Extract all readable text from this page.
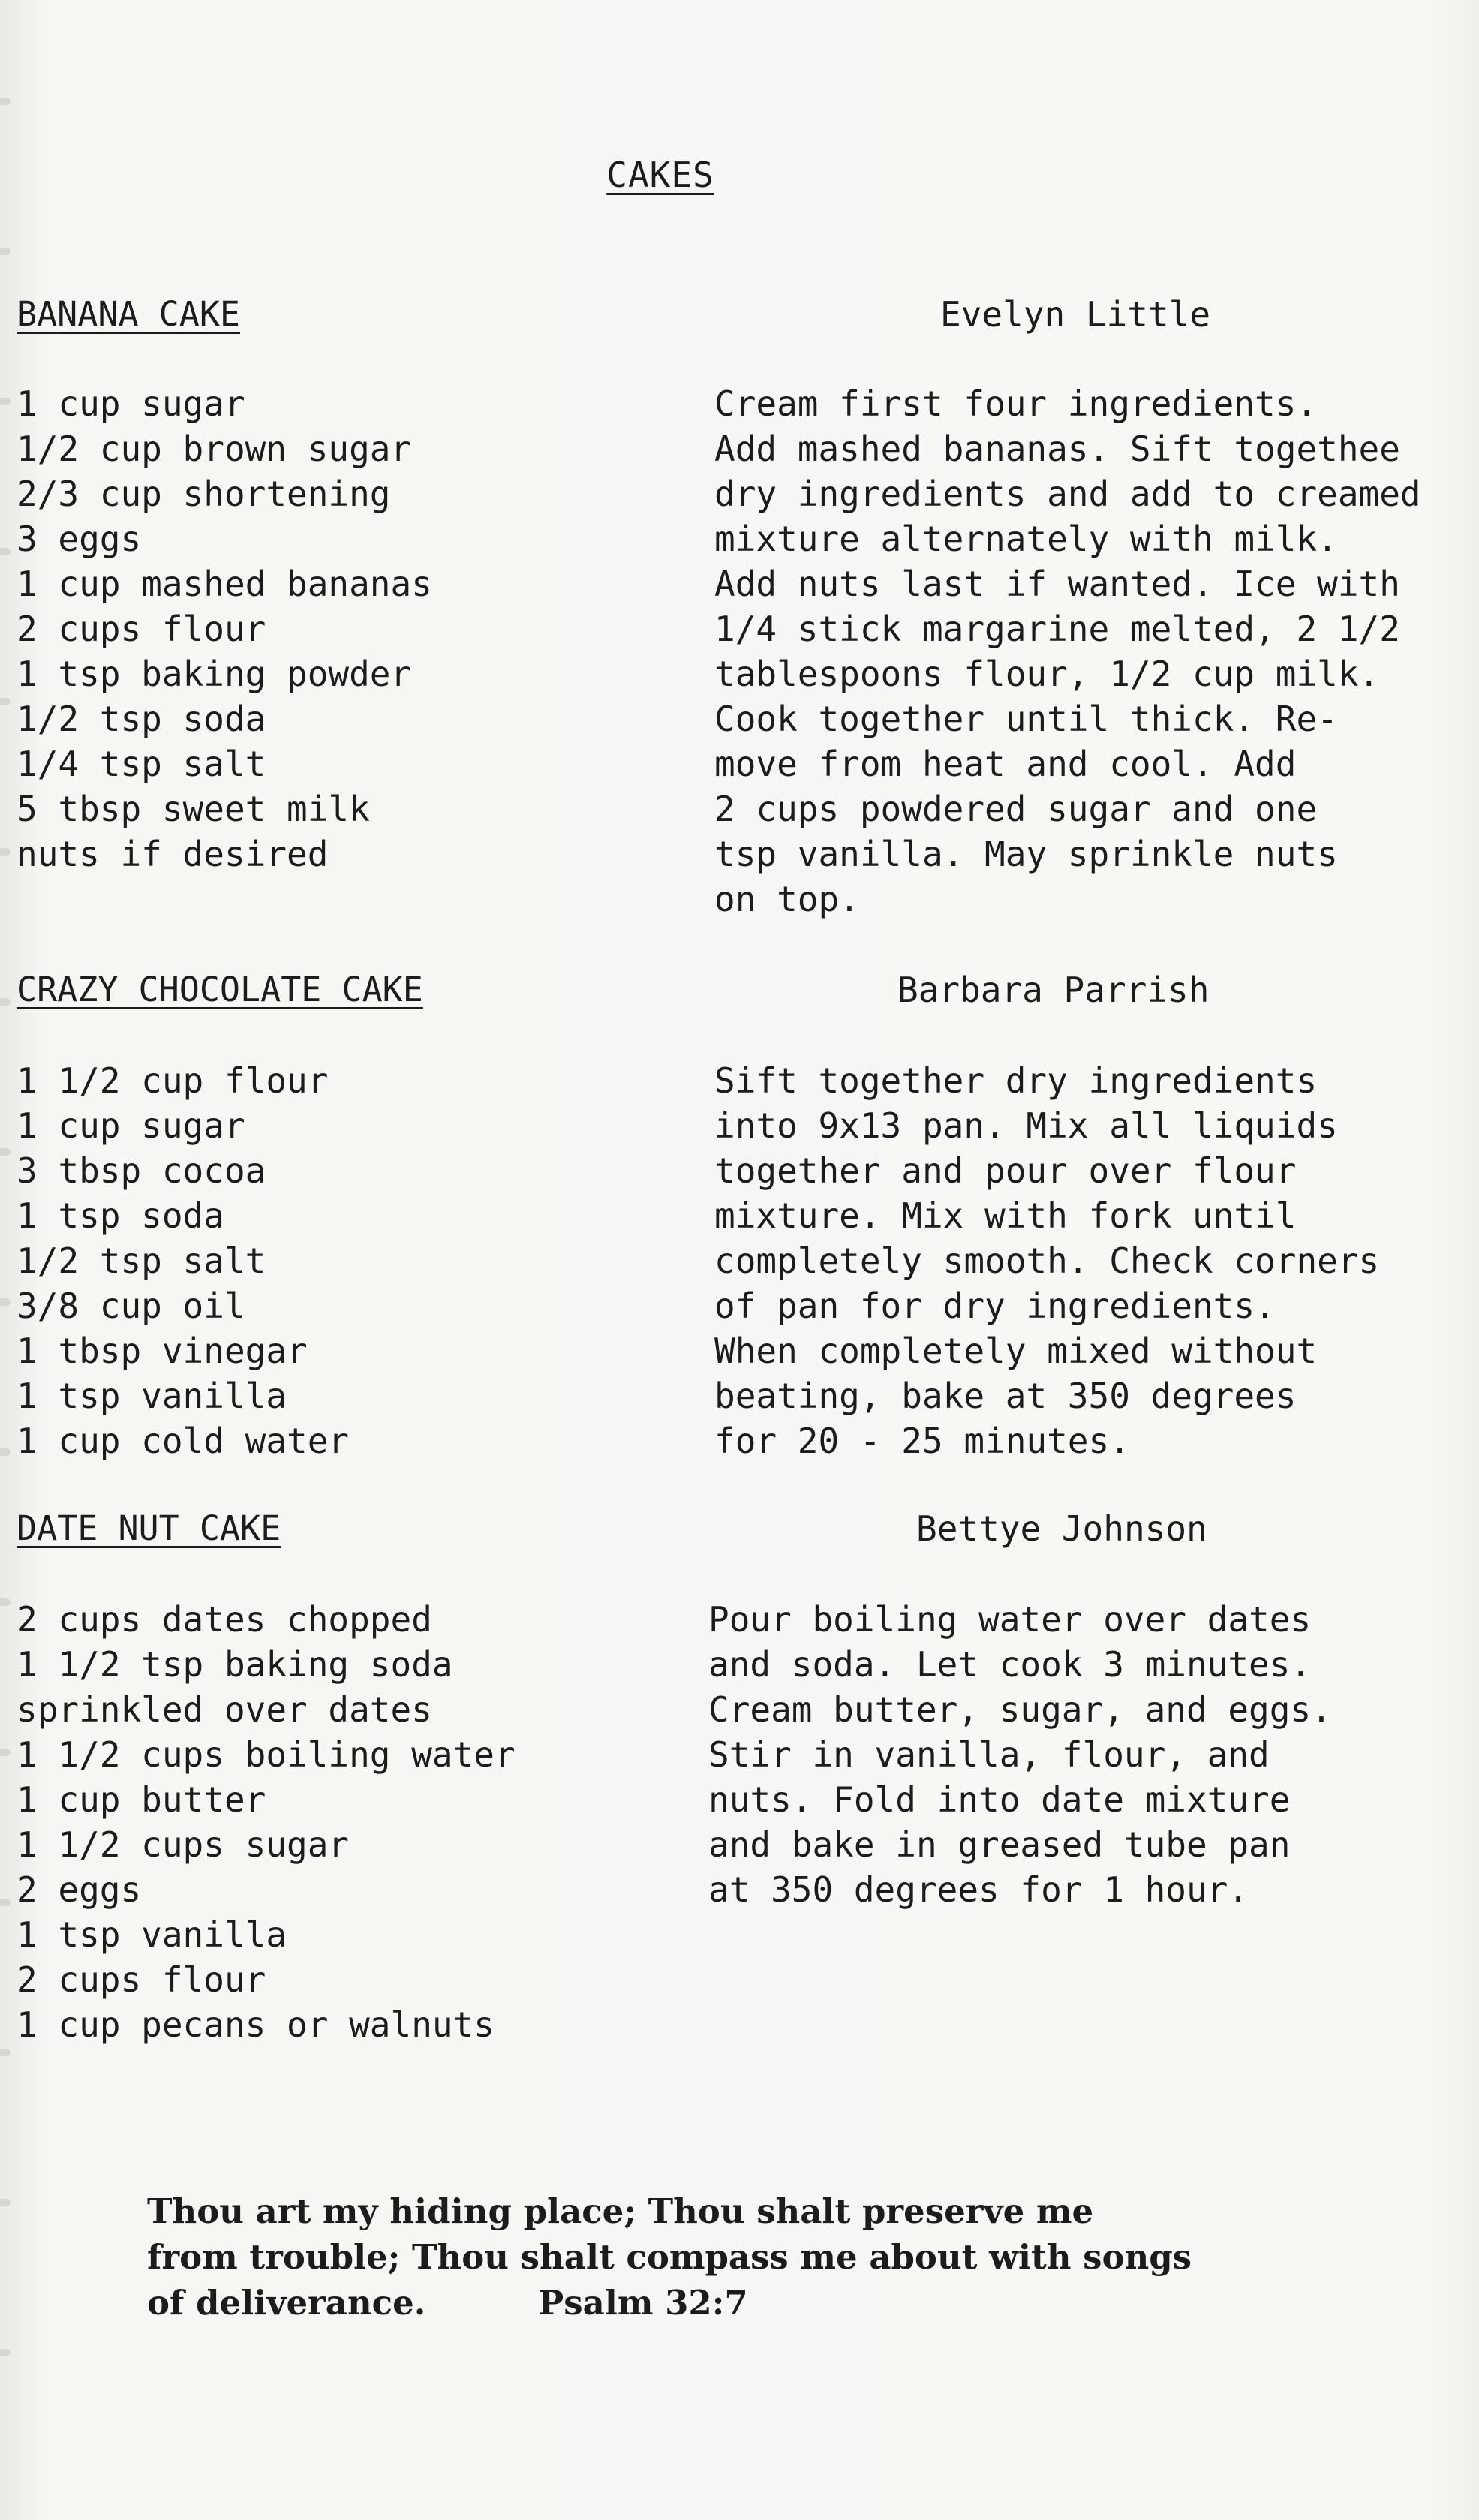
CAKES
BANANA CAKE	Evelyn Little
1 cup sugar
1/2 cup brown sugar
2/3 cup shortening
3 eggs
1 cup mashed bananas
2 cups flour
1 tsp baking powder
1/2 tsp soda
1/4 tsp salt
5 tbsp sweet milk
nuts if desired
Cream first four ingredients.
Add mashed bananas. Sift togethee
dry ingredients and add to creamed
mixture alternately with milk.
Add nuts last if wanted. Ice with
1/4 stick margarine melted, 2 1/2
tablespoons flour, 1/2 cup milk.
Cook together until thick. Re-
move from heat and cool. Add
2 cups powdered sugar and one
tsp vanilla. May sprinkle nuts
on top.
CRAZY CHOCOLATE CAKE	Barbara Parrish
1 1/2 cup flour
1 cup sugar
3 tbsp cocoa
1 tsp soda
1/2 tsp salt
3/8 cup oil
1 tbsp vinegar
1 tsp vanilla
1 cup cold water
Sift together dry ingredients
into 9x13 pan. Mix all liquids
together and pour over flour
mixture. Mix with fork until
completely smooth. Check corners
of pan for dry ingredients.
When completely mixed without
beating, bake at 350 degrees
for 20 - 25 minutes.
DATE NUT CAKE	Bettye Johnson
2 cups dates chopped
1 1/2 tsp baking soda
sprinkled over dates
1 1/2 cups boiling water
1 cup butter
1 1/2 cups sugar
2 eggs
1 tsp vanilla
2 cups flour
1 cup pecans or walnuts
Pour boiling water over dates
and soda. Let cook 3 minutes.
Cream butter, sugar, and eggs.
Stir in vanilla, flour, and
nuts. Fold into date mixture
and bake in greased tube pan
at 350 degrees for 1 hour.
Thou art my hiding place; Thou shalt preserve me
from trouble; Thou shalt compass me about with songs
of deliverance.	Psalm 32:7
